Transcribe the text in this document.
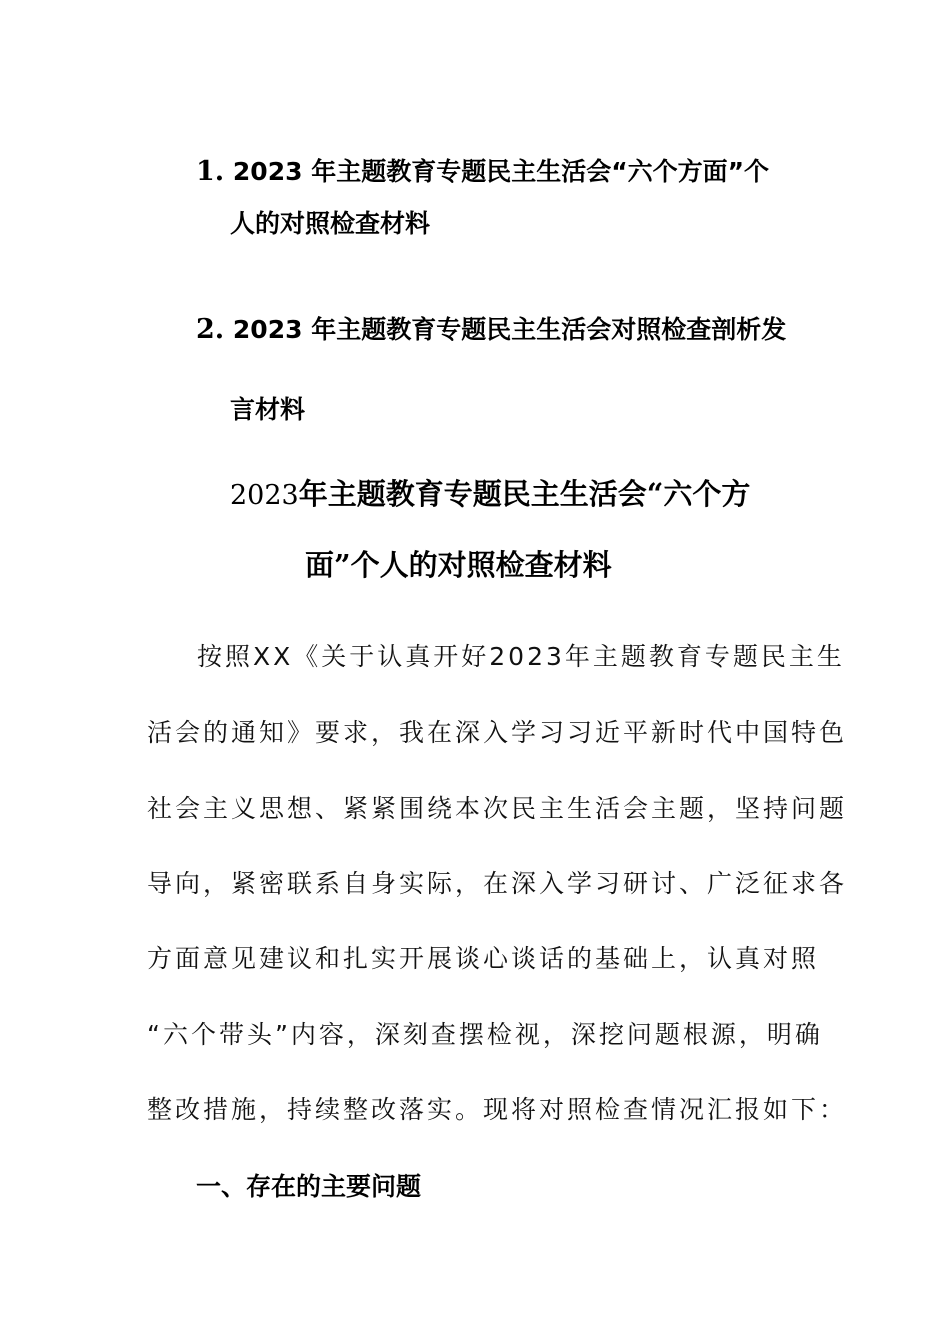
1. 2023 年主题教育专题民主生活会“六个方面”个
人的对照检查材料
2. 2023 年主题教育专题民主生活会对照检查剖析发
言材料
2023年主题教育专题民主生活会“六个方
面”个人的对照检查材料
按照XX《关于认真开好2023年主题教育专题民主生
活会的通知》要求，我在深入学习习近平新时代中国特色
社会主义思想、紧紧围绕本次民主生活会主题，坚持问题
导向，紧密联系自身实际，在深入学习研讨、广泛征求各
方面意见建议和扎实开展谈心谈话的基础上，认真对照
“六个带头”内容，深刻查摆检视，深挖问题根源，明确
整改措施，持续整改落实。现将对照检查情况汇报如下：
一、存在的主要问题
